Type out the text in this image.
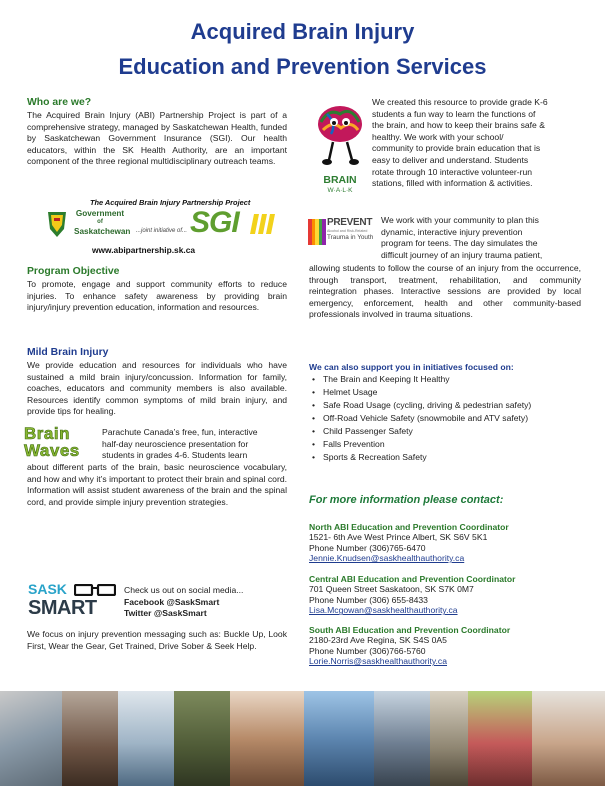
Acquired Brain Injury
Education and Prevention Services
Who are we?

The Acquired Brain Injury (ABI) Partnership Project is part of a comprehensive strategy, managed by Saskatchewan Health, funded by Saskatchewan Government Insurance (SGI). Our health educators, within the SK Health Authority, are an important component of the three regional multidisciplinary outreach teams.

The Acquired Brain Injury Partnership Project
Government
of
Saskatchewan ...joint initiative of... SGI
www.abipartnership.sk.ca
Program Objective

To promote, engage and support community efforts to reduce injuries. To enhance safety awareness by providing brain injury/injury prevention education, information and resources.

Mild Brain Injury

We provide education and resources for individuals who have sustained a mild brain injury/concussion. Information for family, coaches, educators and community members is also available. Resources identify common symptoms of mild brain injury, and provide tips for healing.

Brain
Waves
Parachute Canada’s free, fun, interactive
half-day neuroscience presentation for
students in grades 4-6. Students learn

about different parts of the brain, basic neuroscience vocabulary, and how and why it’s important to protect their brain and spinal cord. Information will assist student awareness of the brain and the spinal cord, and provide simple injury prevention strategies.

SASK
SMART
Check us out on social media...
Facebook @SaskSmart
Twitter @SaskSmart

We focus on injury prevention messaging such as: Buckle Up, Look First, Wear the Gear, Get Trained, Drive Sober & Seek Help.

BRAIN
W·A·L·K
We created this resource to provide grade K-6
students a fun way to learn the functions of
the brain, and how to keep their brains safe &
healthy. We work with your school/
community to provide brain education that is
easy to deliver and understand. Students
rotate through 10 interactive volunteer-run
stations, filled with information & activities.
PREVENT
Alcohol and Risk-Related
Trauma in Youth
We work with your community to plan this
dynamic, interactive injury prevention
program for teens. The day simulates the
difficult journey of an injury trauma patient,

allowing students to follow the course of an injury from the occurrence, through transport, treatment, rehabilitation, and community reintegration phases. Interactive sessions are provided by local emergency, enforcement, health and other community-based professionals involved in trauma situations.

We can also support you in initiatives focused on:
• The Brain and Keeping It Healthy
• Helmet Usage
• Safe Road Usage (cycling, driving & pedestrian safety)
• Off-Road Vehicle Safety (snowmobile and ATV safety)
• Child Passenger Safety
• Falls Prevention
• Sports & Recreation Safety
For more information please contact:
North ABI Education and Prevention Coordinator
1521- 6th Ave West Prince Albert, SK S6V 5K1
Phone Number (306)765-6470
Jennie.Knudsen@saskhealthauthority.ca
Central ABI Education and Prevention Coordinator
701 Queen Street Saskatoon, SK S7K 0M7
Phone Number (306) 655-8433
Lisa.Mcgowan@saskhealthauthority.ca
South ABI Education and Prevention Coordinator
2180-23rd Ave Regina, SK S4S 0A5
Phone Number (306)766-5760
Lorie.Norris@saskhealthauthority.ca
